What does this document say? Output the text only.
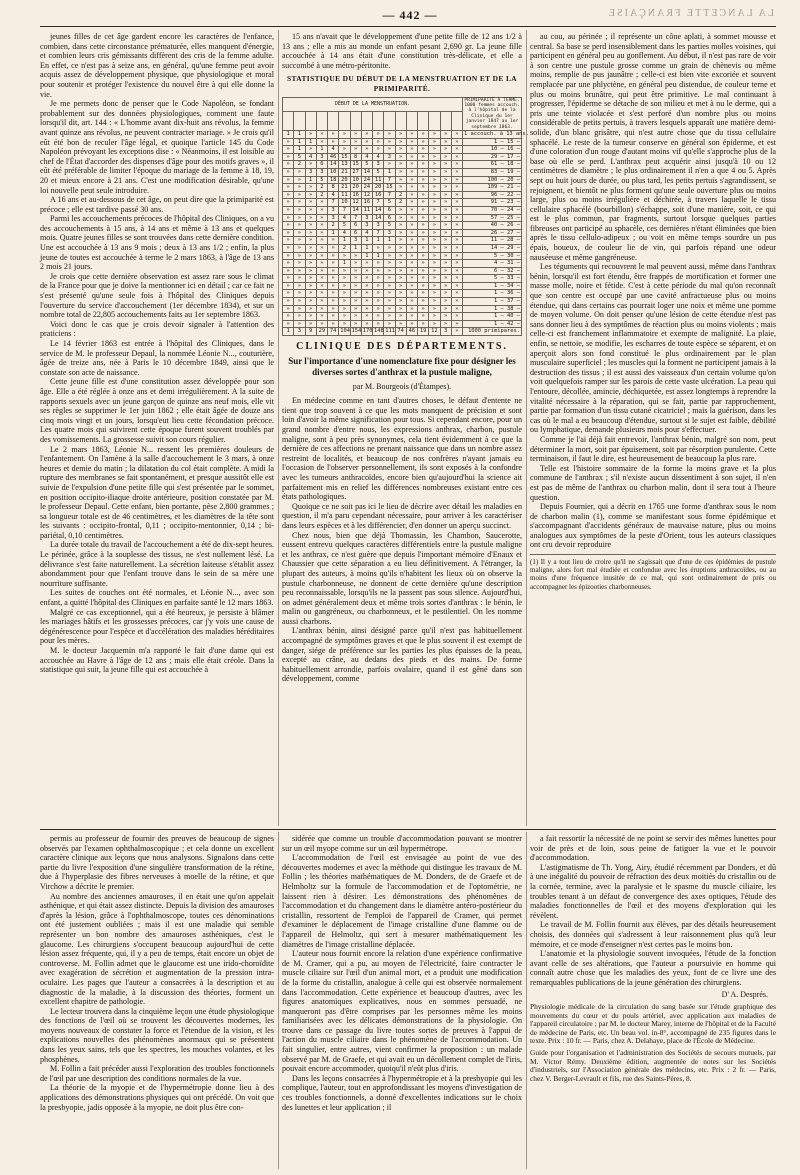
— 442 —	LA LANCETTE FRANÇAISE

jeunes filles de cet âge gardent encore les caractères de l'enfance, combien, dans cette circonstance prématurée, elles manquent d'énergie, et combien leurs cris gémissants diffèrent des cris de la femme adulte. En effet, ce n'est pas à seize ans, en général, qu'une femme peut avoir acquis assez de développement physique, que physiologique et moral pour soutenir et protéger l'existence du nouvel être à qui elle donne la vie.

Je me permets donc de penser que le Code Napoléon, se fondant probablement sur des données physiologiques, comment une faute lorsqu'il dit, art. 144 : « L'homme avant dix-huit ans révolus, la femme avant quinze ans révolus, ne peuvent contracter mariage. » Je crois qu'il eût été bon de reculer l'âge légal, et quoique l'article 145 du Code Napoléon prévoyant les exceptions dise : « Néanmoins, il est loisible au chef de l'État d'accorder des dispenses d'âge pour des motifs graves », il eût été préférable de limiter l'époque du mariage de la femme à 18, 19, 20 et mieux encore à 21 ans. C'est une modification désirable, qu'une loi nouvelle peut seule introduire.

A 16 ans et au-dessous de cet âge, on peut dire que la primiparité est précoce ; elle est tardive passé 30 ans.

Parmi les accouchements précoces de l'hôpital des Cliniques, on a vu des accouchements à 15 ans, à 14 ans et même à 13 ans et quelques mois. Quatre jeunes filles se sont trouvées dans cette dernière condition. Une est accouchée à 13 ans 9 mois ; deux à 13 ans 1/2 ; enfin, la plus jeune de toutes est accouchée à terme le 2 mars 1863, à l'âge de 13 ans 2 mois 21 jours.

Je crois que cette dernière observation est assez rare sous le climat de la France pour que je doive la mentionner ici en détail ; car ce fait ne s'est présenté qu'une seule fois à l'hôpital des Cliniques depuis l'ouverture du service d'accouchement (1er décembre 1834), et sur un nombre total de 22,805 accouchements faits au 1er septembre 1863.

Voici donc le cas que je crois devoir signaler à l'attention des praticiens :

Le 14 février 1863 est entrée à l'hôpital des Cliniques, dans le service de M. le professeur Depaul, la nommée Léonie N..., couturière, âgée de treize ans, née à Paris le 10 décembre 1849, ainsi que le constate son acte de naissance.

Cette jeune fille est d'une constitution assez développée pour son âge. Elle a été réglée à onze ans et demi irrégulièrement. A la suite de rapports sexuels avec un jeune garçon de quinze ans neuf mois, elle vit ses règles se supprimer le 1er juin 1862 ; elle était âgée de douze ans cinq mois vingt et un jours, lorsqu'eut lieu cette fécondation précoce. Les quatre mois qui suivirent cette époque furent souvent troublés par des vomissements. La grossesse suivit son cours régulier.

Le 2 mars 1863, Léonie N... ressent les premières douleurs de l'enfantement. On l'amène à la salle d'accouchement le 3 mars, à onze heures et demie du matin ; la dilatation du col était complète. A midi la rupture des membranes se fait spontanément, et presque aussitôt elle est suivie de l'expulsion d'une petite fille qui s'est présentée par le sommet, en position occipito-iliaque droite antérieure, position constatée par M. le professeur Depaul. Cette enfant, bien portante, pèse 2,800 grammes ; sa longueur totale est de 46 centimètres, et les diamètres de la tête sont les suivants : occipito-frontal, 0,11 ; occipito-mentonnier, 0,14 ; bi-pariétal, 0,10 centimètres.

La durée totale du travail de l'accouchement a été de dix-sept heures. Le périnée, grâce à la souplesse des tissus, ne s'est nullement lésé. La délivrance s'est faite naturellement. La sécrétion laiteuse s'établit assez abondamment pour que l'enfant trouve dans le sein de sa mère une nourriture suffisante.

Les suites de couches ont été normales, et Léonie N..., avec son enfant, a quitté l'hôpital des Cliniques en parfaite santé le 12 mars 1863.

Malgré ce cas exceptionnel, qui a été heureux, je persiste à blâmer les mariages hâtifs et les grossesses précoces, car j'y vois une cause de dégénérescence pour l'espèce et d'accélération des maladies héréditaires pour les mères.

M. le docteur Jacquemin m'a rapporté le fait d'une dame qui est accouchée au Havre à l'âge de 12 ans ; mais elle était créole. Dans la statistique qui suit, la jeune fille qui est accouchée à

15 ans n'avait que le développement d'une petite fille de 12 ans 1/2 à 13 ans ; elle a mis au monde un enfant pesant 2,690 gr. La jeune fille accouchée à 14 ans était d'une constitution très-délicate, et elle a succombé à une métro-péritonite.

STATISTIQUE DU DÉBUT DE LA MENSTRUATION ET DE LA PRIMIPARITÉ.
DÉBUT DE LA MENSTRUATION.																PRIMIPARITÉ À TERME. 1000 femmes accouch. à l'hôpital de la Clinique du 1er janvier 1847 au 1er septembre 1863.

1	1	»	»	»	»	»	»	»	»	»	»	»	»	»	»	1 accouch. à 13 ans.
»	1	1	»	»	»	»	»	»	»	»	»	»	»	»	»	1 — 15 —
»	1	»	1	4	»	»	»	»	»	»	»	»	»	»	»	10 — 16 —
»	5	4	3	46	15	8	4	4	3	»	»	»	»	»	»	29 — 17 —
»	2	»	6	14	13	15	5	3	»	»	»	»	»	»	»	61 — 18 —
»	»	3	3	10	21	27	14	5	1	»	»	»	»	»	»	83 — 19 —
»	»	1	5	18	20	10	24	11	7	»	»	»	»	»	»	100 — 20 —
»	»	»	2	8	21	20	24	20	15	»	»	»	»	»	»	109 — 21 —
»	»	»	2	4	11	16	12	16	7	2	»	»	»	»	»	96 — 22 —
»	»	»	»	7	10	12	16	7	5	2	»	»	»	»	»	91 — 23 —
»	»	»	»	3	7	14	11	14	6	»	»	»	»	»	»	70 — 24 —
»	»	»	»	3	4	7	3	14	6	»	»	»	»	»	»	57 — 25 —
»	»	»	»	2	5	6	3	3	5	»	»	»	»	»	»	40 — 26 —
»	»	»	»	1	4	6	4	7	3	»	»	»	»	»	»	26 — 27 —
»	»	»	»	»	1	3	1	1	1	»	»	»	»	»	»	11 — 28 —
»	»	»	»	»	2	1	1	»	»	»	»	»	»	»	»	14 — 29 —
»	»	»	»	»	»	»	1	1	»	»	»	»	»	»	»	5 — 30 —
»	»	»	»	»	1	»	»	»	»	»	»	»	»	»	»	4 — 31 —
»	»	»	»	»	»	»	»	»	»	»	»	»	»	»	»	6 — 32 —
»	»	»	»	»	»	»	»	»	»	»	»	»	»	»	»	5 — 33 —
»	»	»	»	»	»	»	»	»	»	»	»	»	»	»	»	1 — 34 —
»	»	»	»	»	»	»	»	»	»	»	»	»	»	»	»	1 — 36 —
»	»	»	»	»	»	»	»	»	»	»	»	»	»	»	»	1 — 37 —
»	»	»	»	»	»	»	»	»	»	»	»	»	»	»	»	1 — 38 —
»	»	»	»	»	»	»	»	»	»	»	»	»	»	»	»	1 — 40 —
»	»	»	»	»	»	»	»	»	»	»	»	»	»	»	»	1 — 42 —
1	3	9	29	74	104	154	170	148	111	74	46	19	12	3	»	1000 primipares.
CLINIQUE DES DÉPARTEMENTS.
Sur l'importance d'une nomenclature fixe pour désigner les diverses sortes d'anthrax et la pustule maligne,
par M. Bourgeois (d'Étampes).

En médecine comme en tant d'autres choses, le défaut d'entente ne tient que trop souvent à ce que les mots manquent de précision et sont loin d'avoir la même signification pour tous. Si cependant encore, pour un grand nombre d'entre nous, les expressions anthrax, charbon, pustule maligne, sont à peu près synonymes, cela tient évidemment à ce que la dernière de ces affections ne prenant naissance que dans un nombre assez restreint de localités, et beaucoup de nos confrères n'ayant jamais eu l'occasion de l'observer personnellement, ils sont exposés à la confondre avec les tumeurs anthracoïdes, encore bien qu'aujourd'hui la science ait parfaitement mis en relief les différences nombreuses existant entre ces états pathologiques.

Quoique ce ne soit pas ici le lieu de décrire avec détail les maladies en question, il m'a paru cependant nécessaire, pour arriver à les caractériser dans leurs espèces et à les différencier, d'en donner un aperçu succinct.

Chez nous, bien que déjà Thomassin, les Chambon, Saucerotte, eussent entrevu quelques caractères différentiels entre la pustule maligne et les anthrax, ce n'est guère que depuis l'important mémoire d'Enaux et Chaussier que cette séparation a eu lieu définitivement. A l'étranger, la plupart des auteurs, à moins qu'ils n'habitent les lieux où on observe la pustule charbonneuse, ne donnent de cette dernière qu'une description peu reconnaissable, lorsqu'ils ne la passent pas sous silence. Aujourd'hui, on admet généralement deux et même trois sortes d'anthrax : le bénin, le malin ou gangréneux, ou charbonneux, et le pestilentiel. On les nomme aussi charbons.

L'anthrax bénin, ainsi désigné parce qu'il n'est pas habituellement accompagné de symptômes graves et que le plus souvent il est exempt de danger, siége de préférence sur les parties les plus épaisses de la peau, excepté au crâne, au dedans des pieds et des mains. De forme habituellement arrondie, parfois ovalaire, quand il est gêné dans son développement, comme

au cou, au périnée ; il représente un cône aplati, à sommet mousse et central. Sa base se perd insensiblement dans les parties molles voisines, qui participent en général peu au gonflement. Au début, il n'est pas rare de voir à son centre une pustule grosse comme un grain de chènevis ou même moins, remplie de pus jaunâtre ; celle-ci est bien vite excoriée et souvent remplacée par une phlyctène, en général peu distendue, de couleur terne et plus ou moins brunâtre, qui peut être primitive. Le mal continuant à progresser, l'épiderme se détache de son milieu et met à nu le derme, qui a pris une teinte violacée et s'est perforé d'un nombre plus ou moins considérable de petits pertuis, à travers lesquels apparaît une matière demi-solide, d'un blanc grisâtre, qui n'est autre chose que du tissu cellulaire sphacélé. Le reste de la tumeur conserve en général son épiderme, et est d'une coloration d'un rouge d'autant moins vif qu'elle s'approche plus de la base où elle se perd. L'anthrax peut acquérir ainsi jusqu'à 10 ou 12 centimètres de diamètre ; le plus ordinairement il n'en a que 4 ou 5. Après sept ou huit jours de durée, ou plus tard, les petits pertuis s'agrandissent, se rejoignent, et bientôt ne plus forment qu'une seule ouverture plus ou moins large, plus ou moins irrégulière et déchirée, à travers laquelle le tissu cellulaire sphacélé (bourbillon) s'échappe, soit d'une manière, soit, ce qui est le plus commun, par fragments, surtout lorsque quelques parties fibreuses ont participé au sphacèle, ces dernières n'étant éliminées que bien après le tissu cellulo-adipeux ; ou voit en même temps sourdre un pus épais, boueux, de couleur lie de vin, qui parfois répand une odeur nauséeuse et même gangréneuse.

Les téguments qui recouvrent le mal peuvent aussi, même dans l'anthrax bénin, lorsqu'il est fort étendu, être frappés de mortification et former une masse molle, noire et fétide. C'est à cette période du mal qu'on reconnaît que son centre est occupé par une cavité anfractueuse plus ou moins étendue, qui dans certains cas pourrait loger une noix et même une pomme de moyen volume. On doit penser qu'une lésion de cette étendue n'est pas sans donner lieu à des symptômes de réaction plus ou moins violents ; mais celle-ci est franchement inflammatoire et exempte de malignité. La plaie, enfin, se nettoie, se modifie, les escharres de toute espèce se séparent, et on aperçoit alors son fond constitué le plus ordinairement par le plan musculaire superficiel ; les muscles qui la forment ne participent jamais à la destruction des tissus ; il est aussi des vaisseaux d'un certain volume qu'on voit quelquefois ramper sur les parois de cette vaste ulcération. La peau qui l'entoure, décollée, amincie, déchiquetée, est assez longtemps à reprendre la vitalité nécessaire à la réparation, qui se fait, partie par rapprochement, partie par formation d'un tissu cutané cicatriciel ; mais la guérison, dans les cas où le mal a eu beaucoup d'étendue, surtout si le sujet est faible, débilité ou lymphatique, demande plusieurs mois pour s'effectuer.

Comme je l'ai déjà fait entrevoir, l'anthrax bénin, malgré son nom, peut déterminer la mort, soit par épuisement, soit par résorption purulente. Cette terminaison, il faut le dire, est heureusement de beaucoup la plus rare.

Telle est l'histoire sommaire de la forme la moins grave et la plus commune de l'anthrax ; s'il n'existe aucun dissentiment à son sujet, il n'en est pas de même de l'anthrax ou charbon malin, dont il sera tout à l'heure question.

Depuis Fournier, qui a décrit en 1765 une forme d'anthrax sous le nom de charbon malin (1), comme se manifestant sous forme épidémique et s'accompagnant d'accidents généraux de mauvaise nature, plus ou moins analogues aux symptômes de la peste d'Orient, tous les auteurs classiques ont cru devoir reproduire

(1) Il y a tout lieu de croire qu'il ne s'agissait que d'une de ces épidémies de pustule maligne, alors fort mal étudiée et confondue avec les éruptions anthracoïdes, ou au moins d'une fréquence inusitée de ce mal, qui sont ordinairement de près ou accompagner les épizooties charbonneuses.

permis au professeur de fournir des preuves de beaucoup de signes observés par l'examen ophthalmoscopique ; et cela donne un excellent caractère clinique aux leçons que nous analysons. Signalons dans cette partie du livre l'exposition d'une singulière transformation de la rétine, due à l'hyperplasie des fibres nerveuses à moelle de la rétine, et que Virchow a décrite le premier.

Au nombre des anciennes amauroses, il en était une qu'on appelait asthénique, et qui était assez distincte. Depuis la division des amauroses d'après la lésion, grâce à l'ophthalmoscope, toutes ces dénominations ont été justement oubliées ; mais il est une maladie qui semble représenter un bon nombre des amauroses asthéniques, c'est le glaucome. Les chirurgiens s'occupent beaucoup aujourd'hui de cette lésion assez fréquente, qui, il y a peu de temps, était encore un objet de controverse. M. Follin admet que le glaucome est une irido-choroïdite avec exagération de sécrétion et augmentation de la pression intra-oculaire. Les pages que l'auteur a consacrées à la description et au diagnostic de la maladie, à la discussion des théories, forment un excellent chapitre de pathologie.

Le lecteur trouvera dans la cinquième leçon une étude physiologique des fonctions de l'œil où se trouvent les découvertes modernes, les moyens nouveaux de constater la force et l'étendue de la vision, et les explications nouvelles des phénomènes anormaux qui se présentent dans les yeux sains, tels que les spectres, les mouches volantes, et les phosphènes.

M. Follin a fait précéder aussi l'exploration des troubles fonctionnels de l'œil par une description des conditions normales de la vue.

La théorie de la myopie et de l'hypermétropie donne lieu à des applications des démonstrations physiques qui ont précédé. On voit que la presbyopie, jadis opposée à la myopie, ne doit plus être con-

sidérée que comme un trouble d'accommodation pouvant se montrer sur un œil myope comme sur un œil hypermétrope.

L'accommodation de l'œil est envisagée au point de vue des découvertes modernes et avec la méthode qui distingue les travaux de M. Follin ; les théories mathématiques de M. Donders, de de Graefe et de Helmholtz sur la formule de l'accommodation et de l'optométrie, ne laissent rien à désirer. Les démonstrations des phénomènes de l'accommodation et du changement dans le diamètre antéro-postérieur du cristallin, ressortent de l'emploi de l'appareil de Cramer, qui permet d'examiner le déplacement de l'image cristalline d'une flamme ou de l'appareil de Helmoltz, qui sert à mesurer mathématiquement les diamètres de l'image cristalline déplacée.

L'auteur nous fournit encore la relation d'une expérience confirmative de M. Cramer, qui a pu, au moyen de l'électricité, faire contracter le muscle ciliaire sur l'œil d'un animal mort, et a produit une modification de la forme du cristallin, analogue à celle qui est observée normalement dans l'accommodation. Cette expérience et beaucoup d'autres, avec les figures anatomiques explicatives, nous en sommes persuadé, ne manqueront pas d'être comprises par les personnes même les moins familiarisées avec les délicates démonstrations de la physiologie. On trouve dans ce passage du livre toutes sortes de preuves à l'appui de l'action du muscle ciliaire dans le phénomène de l'accommodation. Un fait singulier, entre autres, vient confirmer la proposition : un malade observé par M. de Graefe, et qui avait eu un décollement complet de l'iris, pouvait encore accommoder, quoiqu'il n'eût plus d'iris.

Dans les leçons consacrées à l'hypermétropie et à la presbyopie qui les complique, l'auteur, tout en approfondissant les moyens d'investigation de ces troubles fonctionnels, a donné d'excellentes indications sur le choix des lunettes et leur application ; il

a fait ressortir la nécessité de ne point se servir des mêmes lunettes pour voir de près et de loin, sous peine de fatiguer la vue et le pouvoir d'accommodation.

L'astigmatisme de Th. Yong, Airy, étudié récemment par Donders, et dû à une inégalité du pouvoir de réfraction des deux moitiés du cristallin ou de la cornée, termine, avec la paralysie et le spasme du muscle ciliaire, les troubles tenant à un défaut de convergence des axes optiques, l'étude des maladies fonctionnelles de l'œil et des moyens d'exploration qui les révèlent.

Le travail de M. Follin fournit aux élèves, par des détails heureusement choisis, des données qui s'adressent à leur raisonnement plus qu'à leur mémoire, et ce mode d'enseigner n'est certes pas le moins bon.

L'anatomie et la physiologie souvent invoquées, l'étude de la fonction avant celle de ses altérations, que l'auteur a poursuivie en homme qui connaît autre chose que les maladies des yeux, font de ce livre une des remarquables publications de la jeune génération des chirurgiens.

D' A. Després.

Physiologie médicale de la circulation du sang basée sur l'étude graphique des mouvements du cœur et du pouls artériel, avec application aux maladies de l'appareil circulatoire ; par M. le docteur Marey, interne de l'hôpital et de la Faculté de médecine de Paris, etc. Un beau vol. in-8°, accompagné de 235 figures dans le texte. Prix : 10 fr. — Paris, chez A. Delahaye, place de l'École de Médecine.

Guide pour l'organisation et l'administration des Sociétés de secours mutuels, par M. Victor Rémy. Deuxième édition, augmentée de notes sur les Sociétés d'industriels, sur l'Association générale des médecins, etc. Prix : 2 fr. — Paris, chez V. Berger-Levrault et fils, rue des Saints-Pères, 8.
